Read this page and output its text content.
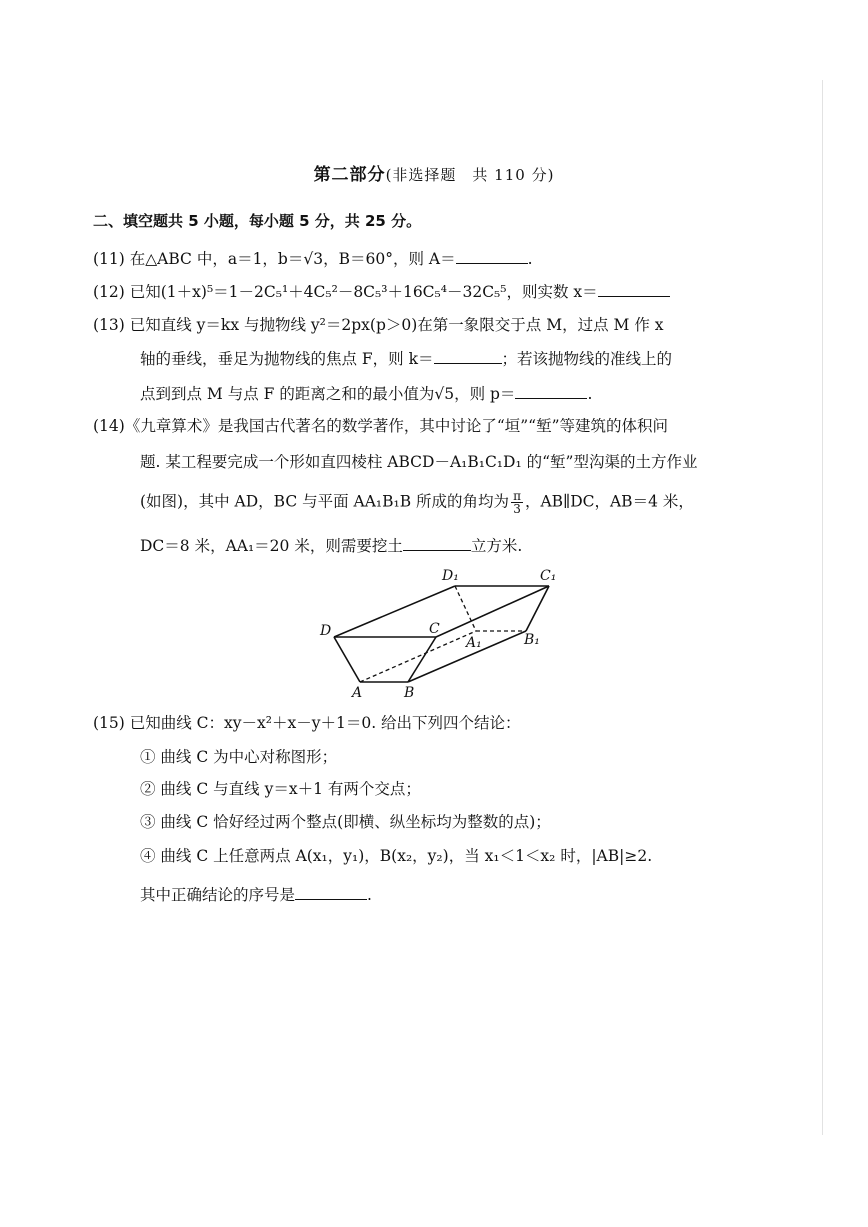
第二部分(非选择题　共 110 分)
二、填空题共 5 小题，每小题 5 分，共 25 分。
(11) 在△ABC 中，a＝1，b＝√3，B＝60°，则 A＝	.
(12) 已知(1＋x)⁵＝1－2C₅¹＋4C₅²－8C₅³＋16C₅⁴－32C₅⁵，则实数 x＝
(13) 已知直线 y＝kx 与抛物线 y²＝2px(p＞0)在第一象限交于点 M，过点 M 作 x
轴的垂线，垂足为抛物线的焦点 F，则 k＝	；若该抛物线的准线上的
点到到点 M 与点 F 的距离之和的最小值为√5，则 p＝	.
(14)《九章算术》是我国古代著名的数学著作，其中讨论了“垣”“堑”等建筑的体积问
题. 某工程要完成一个形如直四棱柱 ABCD－A₁B₁C₁D₁ 的“堑”型沟渠的土方作业
(如图)，其中 AD，BC 与平面 AA₁B₁B 所成的角均为 $\frac{\pi}{3}$ ，AB∥DC，AB＝4 米，
DC＝8 米，AA₁＝20 米，则需要挖土	立方米.
D₁	C₁
D	C
A₁	B₁
A	B
(15) 已知曲线 C：xy－x²＋x－y＋1＝0. 给出下列四个结论：
① 曲线 C 为中心对称图形；
② 曲线 C 与直线 y＝x＋1 有两个交点；
③ 曲线 C 恰好经过两个整点(即横、纵坐标均为整数的点)；
④ 曲线 C 上任意两点 A(x₁，y₁)，B(x₂，y₂)，当 x₁＜1＜x₂ 时，|AB|≥2.
其中正确结论的序号是	.
